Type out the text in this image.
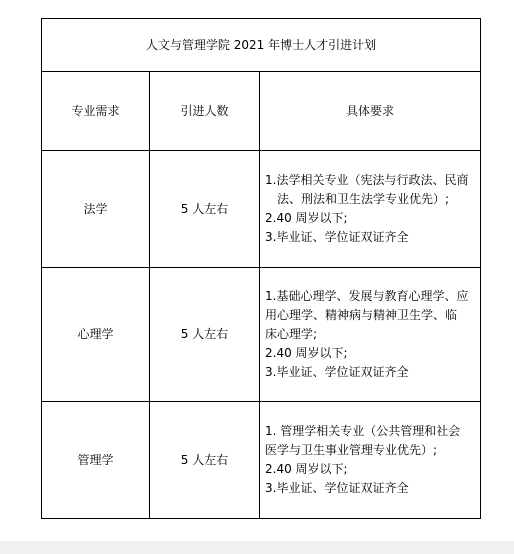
人文与管理学院 2021 年博士人才引进计划		
专业需求	引进人数	具体要求
法学	5 人左右	1.法学相关专业（宪法与行政法、民商
法、刑法和卫生法学专业优先）;
2.40 周岁以下;
3.毕业证、学位证双证齐全

心理学	5 人左右	1.基础心理学、发展与教育心理学、应
用心理学、精神病与精神卫生学、临
床心理学;
2.40 周岁以下;
3.毕业证、学位证双证齐全

管理学	5 人左右	1. 管理学相关专业（公共管理和社会
医学与卫生事业管理专业优先）;
2.40 周岁以下;
3.毕业证、学位证双证齐全
